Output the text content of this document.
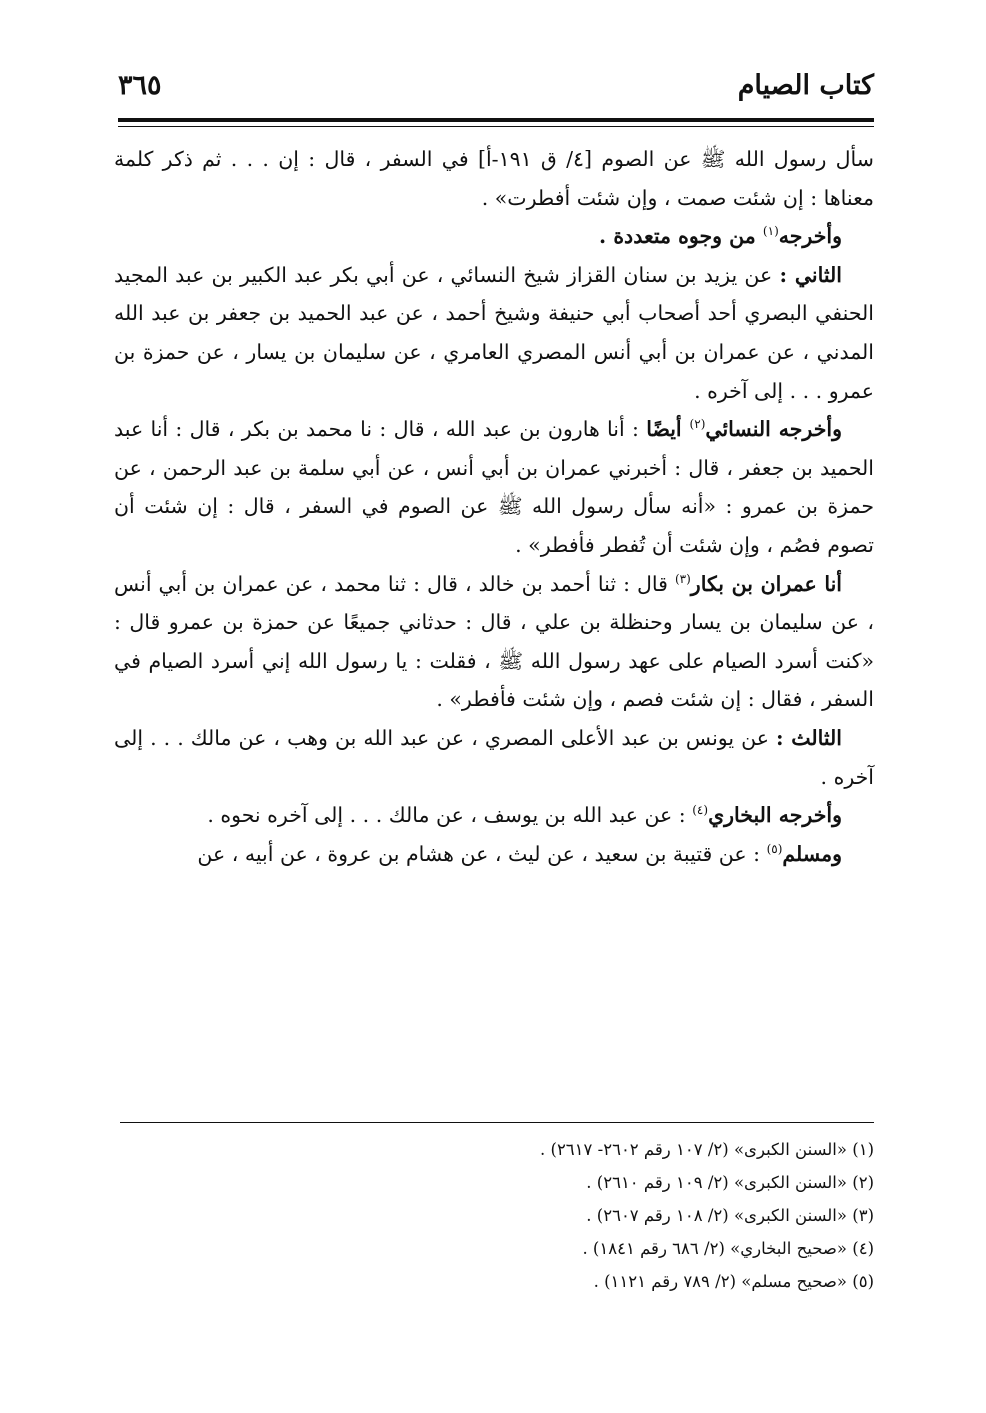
كتاب الصيام
٣٦٥

سأل رسول الله ﷺ عن الصوم [٤/ ق ١٩١-أ] في السفر ، قال : إن . . . ثم ذكر كلمة معناها : إن شئت صمت ، وإن شئت أفطرت» .

وأخرجه$^{(١)}$ من وجوه متعددة .

الثاني : عن يزيد بن سنان القزاز شيخ النسائي ، عن أبي بكر عبد الكبير بن عبد المجيد الحنفي البصري أحد أصحاب أبي حنيفة وشيخ أحمد ، عن عبد الحميد بن جعفر بن عبد الله المدني ، عن عمران بن أبي أنس المصري العامري ، عن سليمان بن يسار ، عن حمزة بن عمرو . . . إلى آخره .

وأخرجه النسائي$^{(٢)}$ أيضًا : أنا هارون بن عبد الله ، قال : نا محمد بن بكر ، قال : أنا عبد الحميد بن جعفر ، قال : أخبرني عمران بن أبي أنس ، عن أبي سلمة بن عبد الرحمن ، عن حمزة بن عمرو : «أنه سأل رسول الله ﷺ عن الصوم في السفر ، قال : إن شئت أن تصوم فصُم ، وإن شئت أن تُفطر فأفطر» .

أنا عمران بن بكار$^{(٣)}$ قال : ثنا أحمد بن خالد ، قال : ثنا محمد ، عن عمران بن أبي أنس ، عن سليمان بن يسار وحنظلة بن علي ، قال : حدثاني جميعًا عن حمزة بن عمرو قال : «كنت أسرد الصيام على عهد رسول الله ﷺ ، فقلت : يا رسول الله إني أسرد الصيام في السفر ، فقال : إن شئت فصم ، وإن شئت فأفطر» .

الثالث : عن يونس بن عبد الأعلى المصري ، عن عبد الله بن وهب ، عن مالك . . . إلى آخره .

وأخرجه البخاري$^{(٤)}$ : عن عبد الله بن يوسف ، عن مالك . . . إلى آخره نحوه .

ومسلم$^{(٥)}$ : عن قتيبة بن سعيد ، عن ليث ، عن هشام بن عروة ، عن أبيه ، عن

(١) «السنن الكبرى» (٢/ ١٠٧ رقم ٢٦٠٢- ٢٦١٧) .
(٢) «السنن الكبرى» (٢/ ١٠٩ رقم ٢٦١٠) .
(٣) «السنن الكبرى» (٢/ ١٠٨ رقم ٢٦٠٧) .
(٤) «صحيح البخاري» (٢/ ٦٨٦ رقم ١٨٤١) .
(٥) «صحيح مسلم» (٢/ ٧٨٩ رقم ١١٢١) .
